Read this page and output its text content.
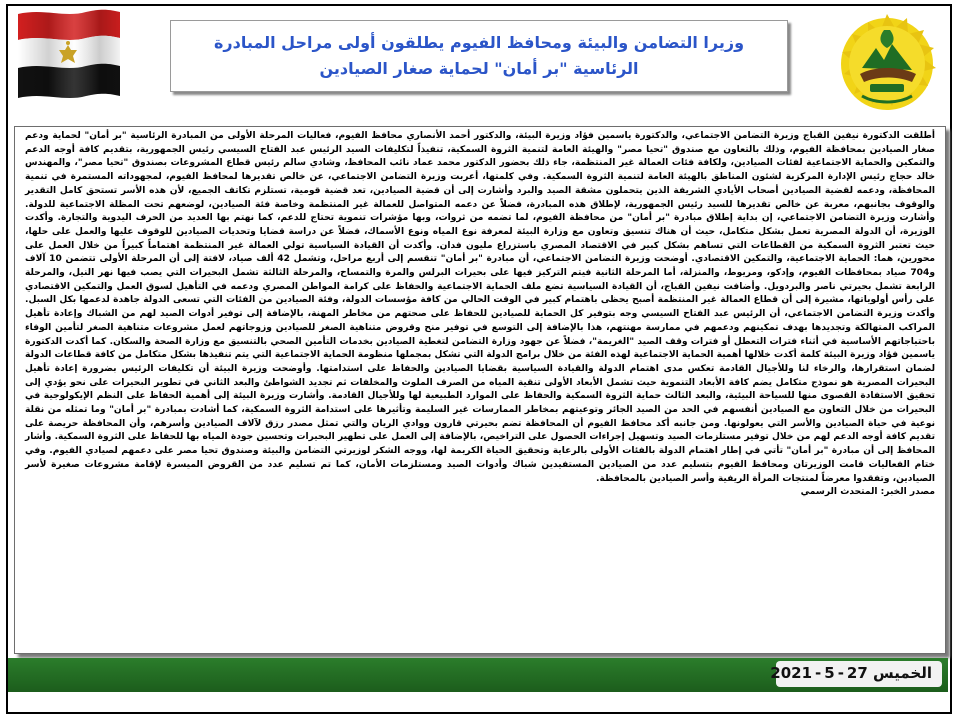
وزيرا التضامن والبيئة ومحافظ الفيوم يطلقون أولى مراحل المبادرة الرئاسية "بر أمان" لحماية صغار الصيادين

أطلقت الدكتورة نيفين القباج وزيرة التضامن الاجتماعي، والدكتورة ياسمين فؤاد وزيرة البيئة، والدكتور أحمد الأنصاري محافظ الفيوم، فعاليات المرحلة الأولى من المبادرة الرئاسية "بر أمان" لحماية ودعم صغار الصيادين بمحافظة الفيوم، وذلك بالتعاون مع صندوق "تحيا مصر" والهيئة العامة لتنمية الثروة السمكية، تنفيذاً لتكليفات السيد الرئيس عبد الفتاح السيسي رئيس الجمهورية، بتقديم كافة أوجه الدعم والتمكين والحماية الاجتماعية لفئات الصيادين، ولكافة فئات العمالة غير المنتظمة، جاء ذلك بحضور الدكتور محمد عماد نائب المحافظ، وشادي سالم رئيس قطاع المشروعات بصندوق "تحيا مصر"، والمهندس خالد حجاج رئيس الإدارة المركزية لشئون المناطق بالهيئة العامة لتنمية الثروة السمكية. وفي كلمتها، أعربت وزيرة التضامن الاجتماعي، عن خالص تقديرها لمحافظ الفيوم، لمجهوداته المستمرة في تنمية المحافظة، ودعمه لقضية الصيادين أصحاب الأيادي الشريفة الذين يتحملون مشقة الصيد والبرد وأشارت إلى أن قضية الصيادين، تعد قضية قومية، تستلزم تكاتف الجميع، لأن هذه الأسر تستحق كامل التقدير والوقوف بجانبهم، معربة عن خالص تقديرها للسيد رئيس الجمهورية، لإطلاق هذه المبادرة، فضلاً عن دعمه المتواصل للعمالة غير المنتظمة وخاصة فئة الصيادين، لوضعهم تحت المظلة الاجتماعية للدولة. وأشارت وزيرة التضامن الاجتماعي، إن بداية إطلاق مبادرة "بر أمان" من محافظة الفيوم، لما تضمه من ثروات، وبها مؤشرات تنموية تحتاج للدعم، كما نهتم بها العديد من الحرف اليدوية والتجارة. وأكدت الوزيرة، أن الدولة المصرية تعمل بشكل متكامل، حيث أن هناك تنسيق وتعاون مع وزارة البيئة لمعرفة نوع المياه ونوع الأسماك، فضلاً عن دراسة قضايا وتحديات الصيادين للوقوف عليها والعمل على حلها، حيث تعتبر الثروة السمكية من القطاعات التي تساهم بشكل كبير في الاقتصاد المصري باستزراع مليون فدان. وأكدت أن القيادة السياسية تولي العمالة غير المنتظمة اهتماماً كبيراً من خلال العمل على محورين، هما: الحماية الاجتماعية، والتمكين الاقتصادي. أوضحت وزيرة التضامن الاجتماعي، أن مبادرة "بر أمان" تنقسم إلى أربع مراحل، وتشمل 42 ألف صياد، لافتة إلى أن المرحلة الأولى تتضمن 10 آلاف و704 صياد بمحافظات الفيوم، وإدكو، ومريوط، والمنزلة، أما المرحلة الثانية فيتم التركيز فيها على بحيرات البرلس والمرة والتمساح، والمرحلة الثالثة تشمل البحيرات التي يصب فيها نهر النيل، والمرحلة الرابعة تشمل بحيرتي ناصر والبردويل. وأضافت نيفين القباج، أن القيادة السياسية تضع ملف الحماية الاجتماعية والحفاظ على كرامة المواطن المصري ودعمه في التأهيل لسوق العمل والتمكين الاقتصادي على رأس أولوياتها، مشيرة إلى أن قطاع العمالة غير المنتظمة أصبح يحظى باهتمام كبير في الوقت الحالي من كافة مؤسسات الدولة، وفئة الصيادين من الفئات التي تسعى الدولة جاهدة لدعمها بكل السبل. وأكدت وزيرة التضامن الاجتماعي، أن الرئيس عبد الفتاح السيسي وجه بتوفير كل الحماية للصيادين للحفاظ على صحتهم من مخاطر المهنة، بالإضافة إلى توفير أدوات الصيد لهم من الشباك وإعادة تأهيل المراكب المتهالكة وتجديدها بهدف تمكينهم ودعمهم في ممارسة مهنتهم، هذا بالإضافة إلى التوسع في توفير منح وقروض متناهية الصغر للصيادين وزوجاتهم لعمل مشروعات متناهية الصغر لتأمين الوفاء باحتياجاتهم الأساسية في أثناء فترات التعطل أو فترات وقف الصيد "الغريمة"، فضلاً عن جهود وزارة التضامن لتغطية الصيادين بخدمات التأمين الصحي بالتنسيق مع وزارة الصحة والسكان. كما أكدت الدكتورة ياسمين فؤاد وزيرة البيئة كلمة أكدت خلالها أهمية الحماية الاجتماعية لهذه الفئة من خلال برامج الدولة التي تشكل بمجملها منظومة الحماية الاجتماعية التي يتم تنفيذها بشكل متكامل من كافة قطاعات الدولة لضمان استقرارها، والرخاء لنا وللأجيال القادمة تعكس مدى اهتمام الدولة والقيادة السياسية بقضايا الصيادين والحفاظ على استدامتها. وأوضحت وزيرة البيئة أن تكليفات الرئيس بضرورة إعادة تأهيل البحيرات المصرية هو نموذج متكامل يضم كافة الأبعاد التنموية حيث تشمل الأبعاد الأولى تنقية المياه من الصرف الملوث والمخلفات ثم تجديد الشواطئ والبعد الثاني في تطوير البحيرات على نحو يؤدي إلى تحقيق الاستفادة القصوى منها للسياحة البيئية، والبعد الثالث حماية الثروة السمكية والحفاظ على الموارد الطبيعية لها وللأجيال القادمة. وأشارت وزيرة البيئة إلى أهمية الحفاظ على النظم الإيكولوجية في البحيرات من خلال التعاون مع الصيادين أنفسهم في الحد من الصيد الجائر وتوعيتهم بمخاطر الممارسات غير السليمة وتأثيرها على استدامة الثروة السمكية، كما أشادت بمبادرة "بر أمان" وما تمثله من نقلة نوعية في حياة الصيادين والأسر التي يعولونها. ومن جانبه أكد محافظ الفيوم أن المحافظة تضم بحيرتي قارون ووادي الريان والتي تمثل مصدر رزق لآلاف الصيادين وأسرهم، وأن المحافظة حريصة على تقديم كافة أوجه الدعم لهم من خلال توفير مستلزمات الصيد وتسهيل إجراءات الحصول على التراخيص، بالإضافة إلى العمل على تطهير البحيرات وتحسين جودة المياه بها للحفاظ على الثروة السمكية. وأشار المحافظ إلى أن مبادرة "بر أمان" تأتي في إطار اهتمام الدولة بالفئات الأولى بالرعاية وتحقيق الحياة الكريمة لها، ووجه الشكر لوزيرتي التضامن والبيئة وصندوق تحيا مصر على دعمهم لصيادي الفيوم. وفي ختام الفعاليات قامت الوزيرتان ومحافظ الفيوم بتسليم عدد من الصيادين المستفيدين شباك وأدوات الصيد ومستلزمات الأمان، كما تم تسليم عدد من القروض الميسرة لإقامة مشروعات صغيرة لأسر الصيادين، وتفقدوا معرضاً لمنتجات المرأة الريفية وأسر الصيادين بالمحافظة.

مصدر الخبر: المتحدث الرسمي

الخميس 27-5-2021
